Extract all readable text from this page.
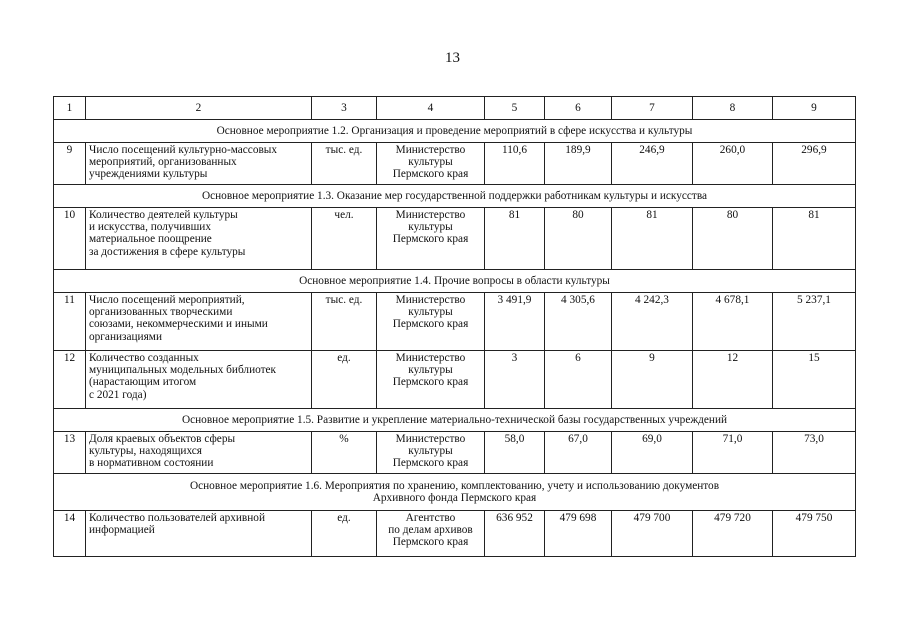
13
1	2	3	4	5	6	7	8	9
Основное мероприятие 1.2. Организация и проведение мероприятий в сфере искусства и культуры								
9	Число посещений культурно-массовых
мероприятий, организованных
учреждениями культуры	тыс. ед.	Министерство
культуры
Пермского края	110,6	189,9	246,9	260,0	296,9
Основное мероприятие 1.3. Оказание мер государственной поддержки работникам культуры и искусства								
10	Количество деятелей культуры
и искусства, получивших
материальное поощрение
за достижения в сфере культуры	чел.	Министерство
культуры
Пермского края	81	80	81	80	81
Основное мероприятие 1.4. Прочие вопросы в области культуры								
11	Число посещений мероприятий,
организованных творческими
союзами, некоммерческими и иными
организациями	тыс. ед.	Министерство
культуры
Пермского края	3 491,9	4 305,6	4 242,3	4 678,1	5 237,1
12	Количество созданных
муниципальных модельных библиотек
(нарастающим итогом
с 2021 года)	ед.	Министерство
культуры
Пермского края	3	6	9	12	15
Основное мероприятие 1.5. Развитие и укрепление материально-технической базы государственных учреждений								
13	Доля краевых объектов сферы
культуры, находящихся
в нормативном состоянии	%	Министерство
культуры
Пермского края	58,0	67,0	69,0	71,0	73,0
Основное мероприятие 1.6. Мероприятия по хранению, комплектованию, учету и использованию документов
Архивного фонда Пермского края								
14	Количество пользователей архивной
информацией	ед.	Агентство
по делам архивов
Пермского края	636 952	479 698	479 700	479 720	479 750
